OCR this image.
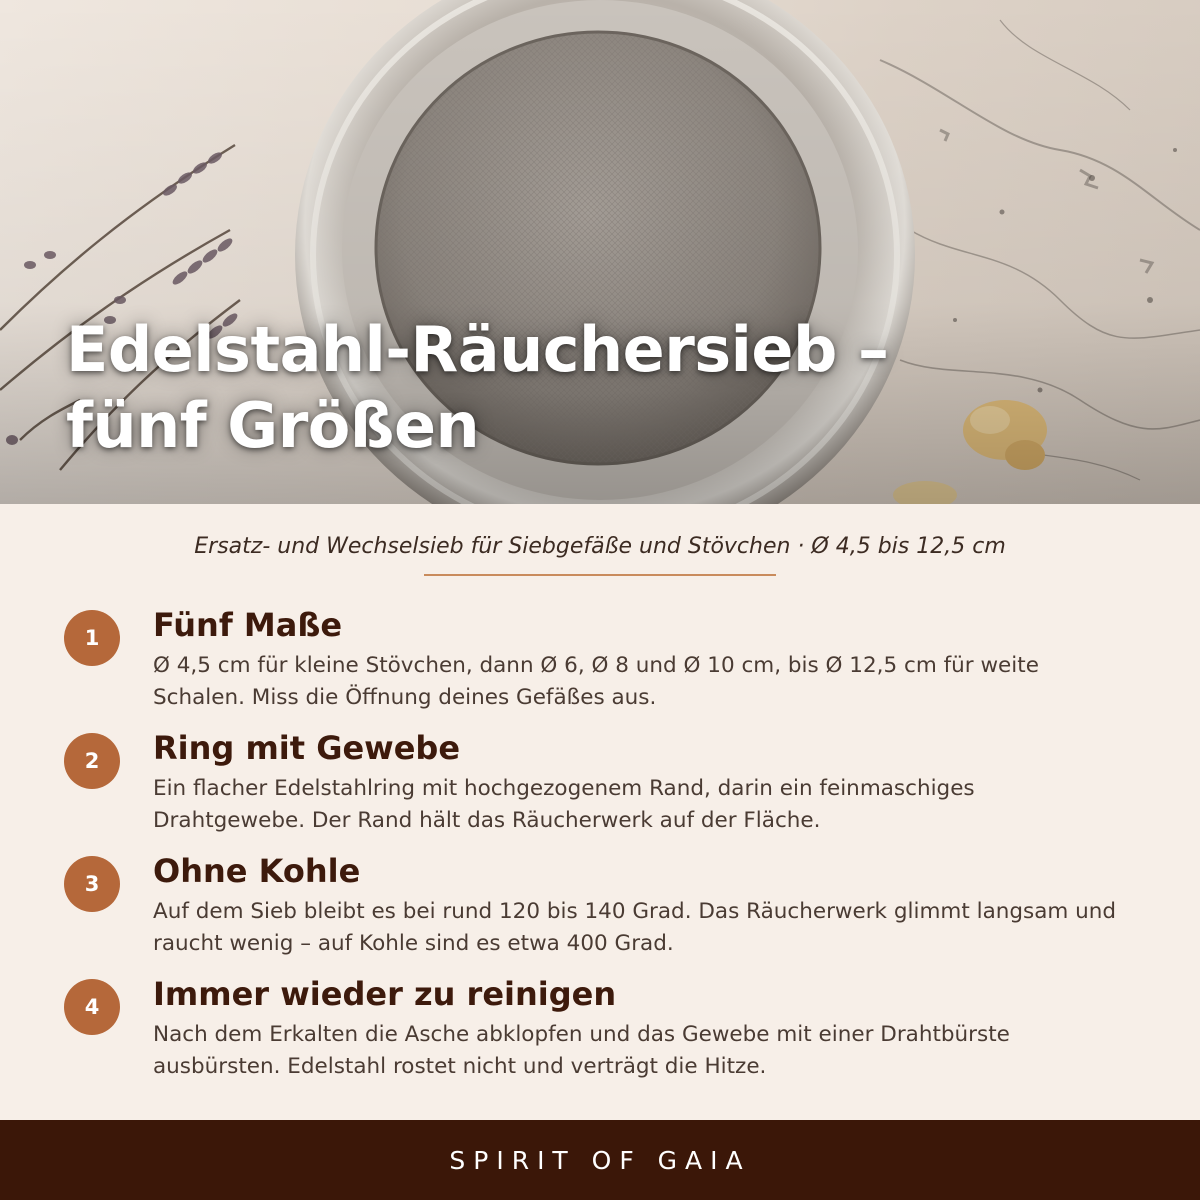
Edelstahl-Räuchersieb –
fünf Größen
Ersatz- und Wechselsieb für Siebgefäße und Stövchen · Ø 4,5 bis 12,5 cm
1	Fünf Maße
Ø 4,5 cm für kleine Stövchen, dann Ø 6, Ø 8 und Ø 10 cm, bis Ø 12,5 cm für weite
Schalen. Miss die Öffnung deines Gefäßes aus.
2	Ring mit Gewebe
Ein flacher Edelstahlring mit hochgezogenem Rand, darin ein feinmaschiges
Drahtgewebe. Der Rand hält das Räucherwerk auf der Fläche.
3	Ohne Kohle
Auf dem Sieb bleibt es bei rund 120 bis 140 Grad. Das Räucherwerk glimmt langsam und
raucht wenig – auf Kohle sind es etwa 400 Grad.
4	Immer wieder zu reinigen
Nach dem Erkalten die Asche abklopfen und das Gewebe mit einer Drahtbürste
ausbürsten. Edelstahl rostet nicht und verträgt die Hitze.
SPIRIT OF GAIA
